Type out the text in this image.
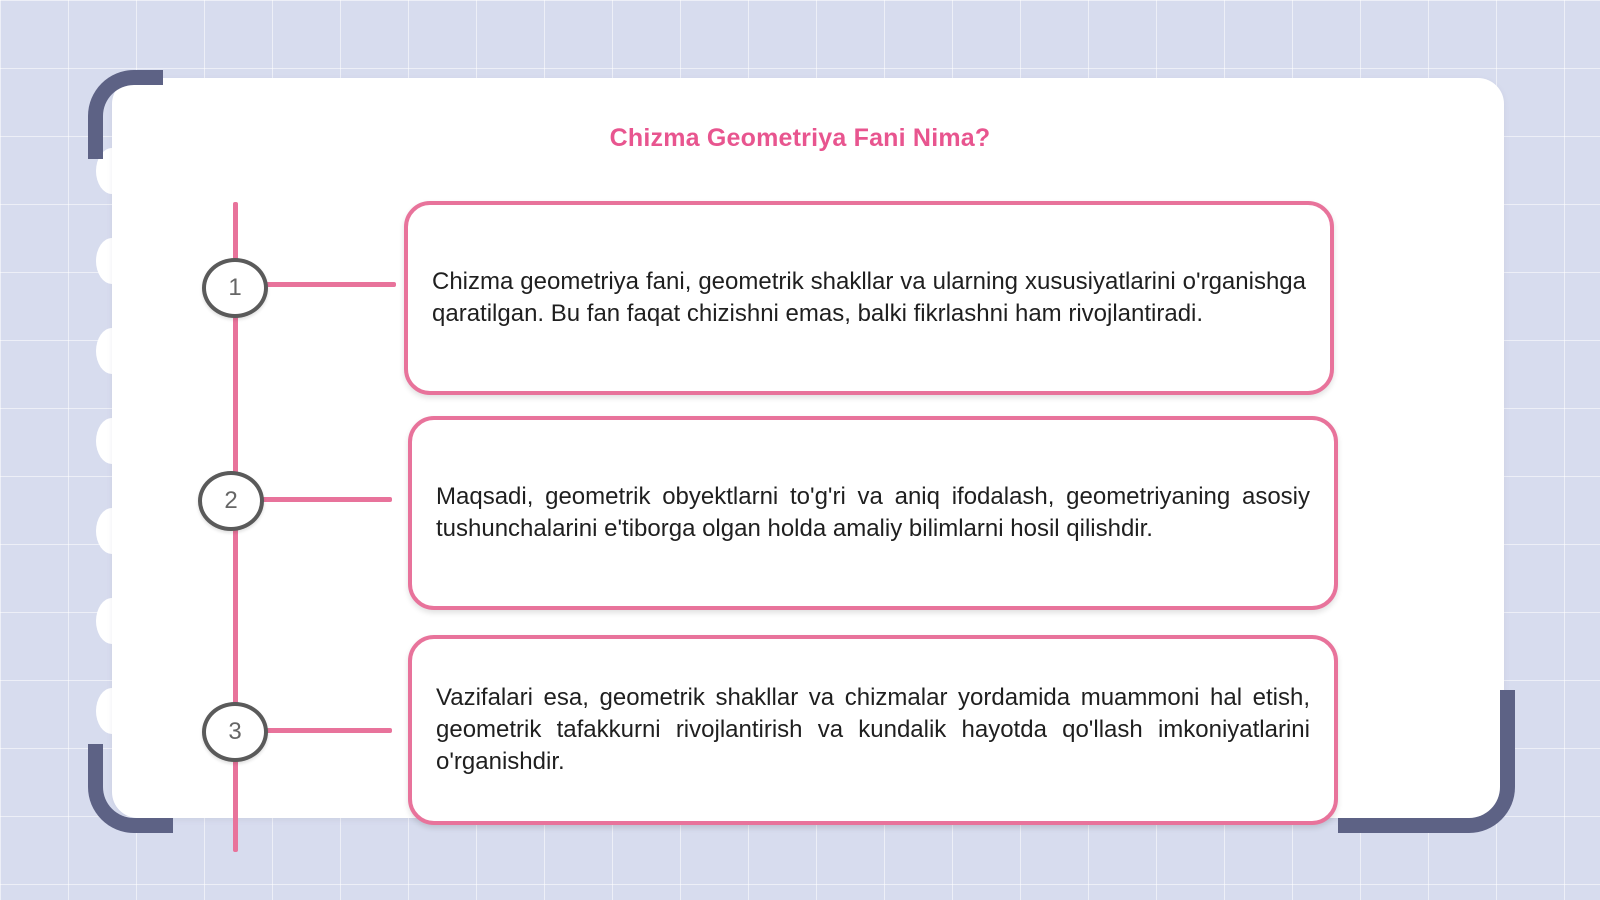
Chizma Geometriya Fani Nima?
1	Chizma geometriya fani, geometrik shakllar va ularning xususiyatlarini o'rganishga qaratilgan. Bu fan faqat chizishni emas, balki fikrlashni ham rivojlantiradi.
2	Maqsadi, geometrik obyektlarni to'g'ri va aniq ifodalash, geometriyaning asosiy tushunchalarini e'tiborga olgan holda amaliy bilimlarni hosil qilishdir.
3
Vazifalari esa, geometrik shakllar va chizmalar yordamida muammoni hal etish, geometrik tafakkurni rivojlantirish va kundalik hayotda qo'llash imkoniyatlarini o'rganishdir.
